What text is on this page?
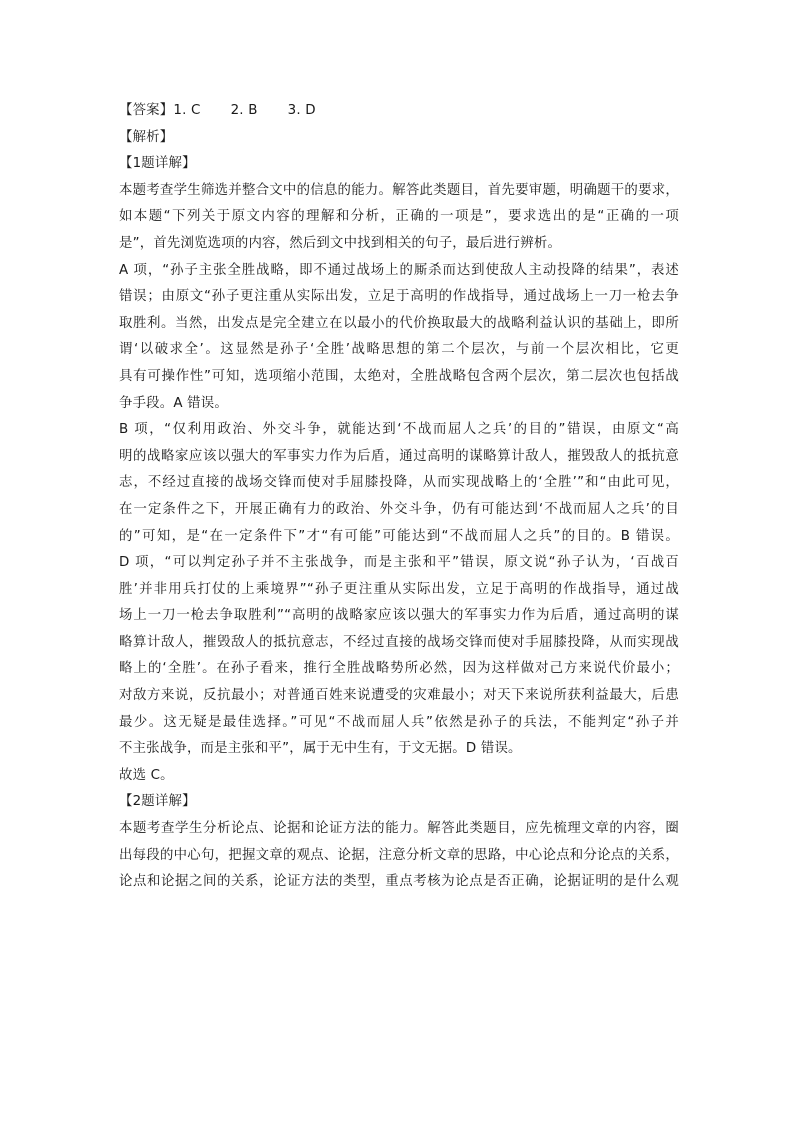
【答案】1. C 2. B 3. D
【解析】
【1题详解】
本题考查学生筛选并整合文中的信息的能力。解答此类题目，首先要审题，明确题干的要求，
如本题“下列关于原文内容的理解和分析，正确的一项是”，要求选出的是“正确的一项
是”，首先浏览选项的内容，然后到文中找到相关的句子，最后进行辨析。
A 项，“孙子主张全胜战略，即不通过战场上的厮杀而达到使敌人主动投降的结果”，表述
错误；由原文“孙子更注重从实际出发，立足于高明的作战指导，通过战场上一刀一枪去争
取胜利。当然，出发点是完全建立在以最小的代价换取最大的战略利益认识的基础上，即所
谓‘以破求全’。这显然是孙子‘全胜’战略思想的第二个层次，与前一个层次相比，它更
具有可操作性”可知，选项缩小范围，太绝对，全胜战略包含两个层次，第二层次也包括战
争手段。A 错误。
B 项，“仅利用政治、外交斗争，就能达到‘不战而屈人之兵’的目的”错误，由原文“高
明的战略家应该以强大的军事实力作为后盾，通过高明的谋略算计敌人，摧毁敌人的抵抗意
志，不经过直接的战场交锋而使对手屈膝投降，从而实现战略上的‘全胜’”和“由此可见，
在一定条件之下，开展正确有力的政治、外交斗争，仍有可能达到‘不战而屈人之兵’的目
的”可知，是“在一定条件下”才“有可能”可能达到“不战而屈人之兵”的目的。B 错误。
D 项，“可以判定孙子并不主张战争，而是主张和平”错误，原文说“孙子认为，‘百战百
胜’并非用兵打仗的上乘境界”“孙子更注重从实际出发，立足于高明的作战指导，通过战
场上一刀一枪去争取胜利”“高明的战略家应该以强大的军事实力作为后盾，通过高明的谋
略算计敌人，摧毁敌人的抵抗意志，不经过直接的战场交锋而使对手屈膝投降，从而实现战
略上的‘全胜’。在孙子看来，推行全胜战略势所必然，因为这样做对己方来说代价最小；
对敌方来说，反抗最小；对普通百姓来说遭受的灾难最小；对天下来说所获利益最大，后患
最少。这无疑是最佳选择。”可见“不战而屈人兵”依然是孙子的兵法，不能判定“孙子并
不主张战争，而是主张和平”，属于无中生有，于文无据。D 错误。
故选 C。
【2题详解】
本题考查学生分析论点、论据和论证方法的能力。解答此类题目，应先梳理文章的内容，圈
出每段的中心句，把握文章的观点、论据，注意分析文章的思路，中心论点和分论点的关系，
论点和论据之间的关系，论证方法的类型，重点考核为论点是否正确，论据证明的是什么观
